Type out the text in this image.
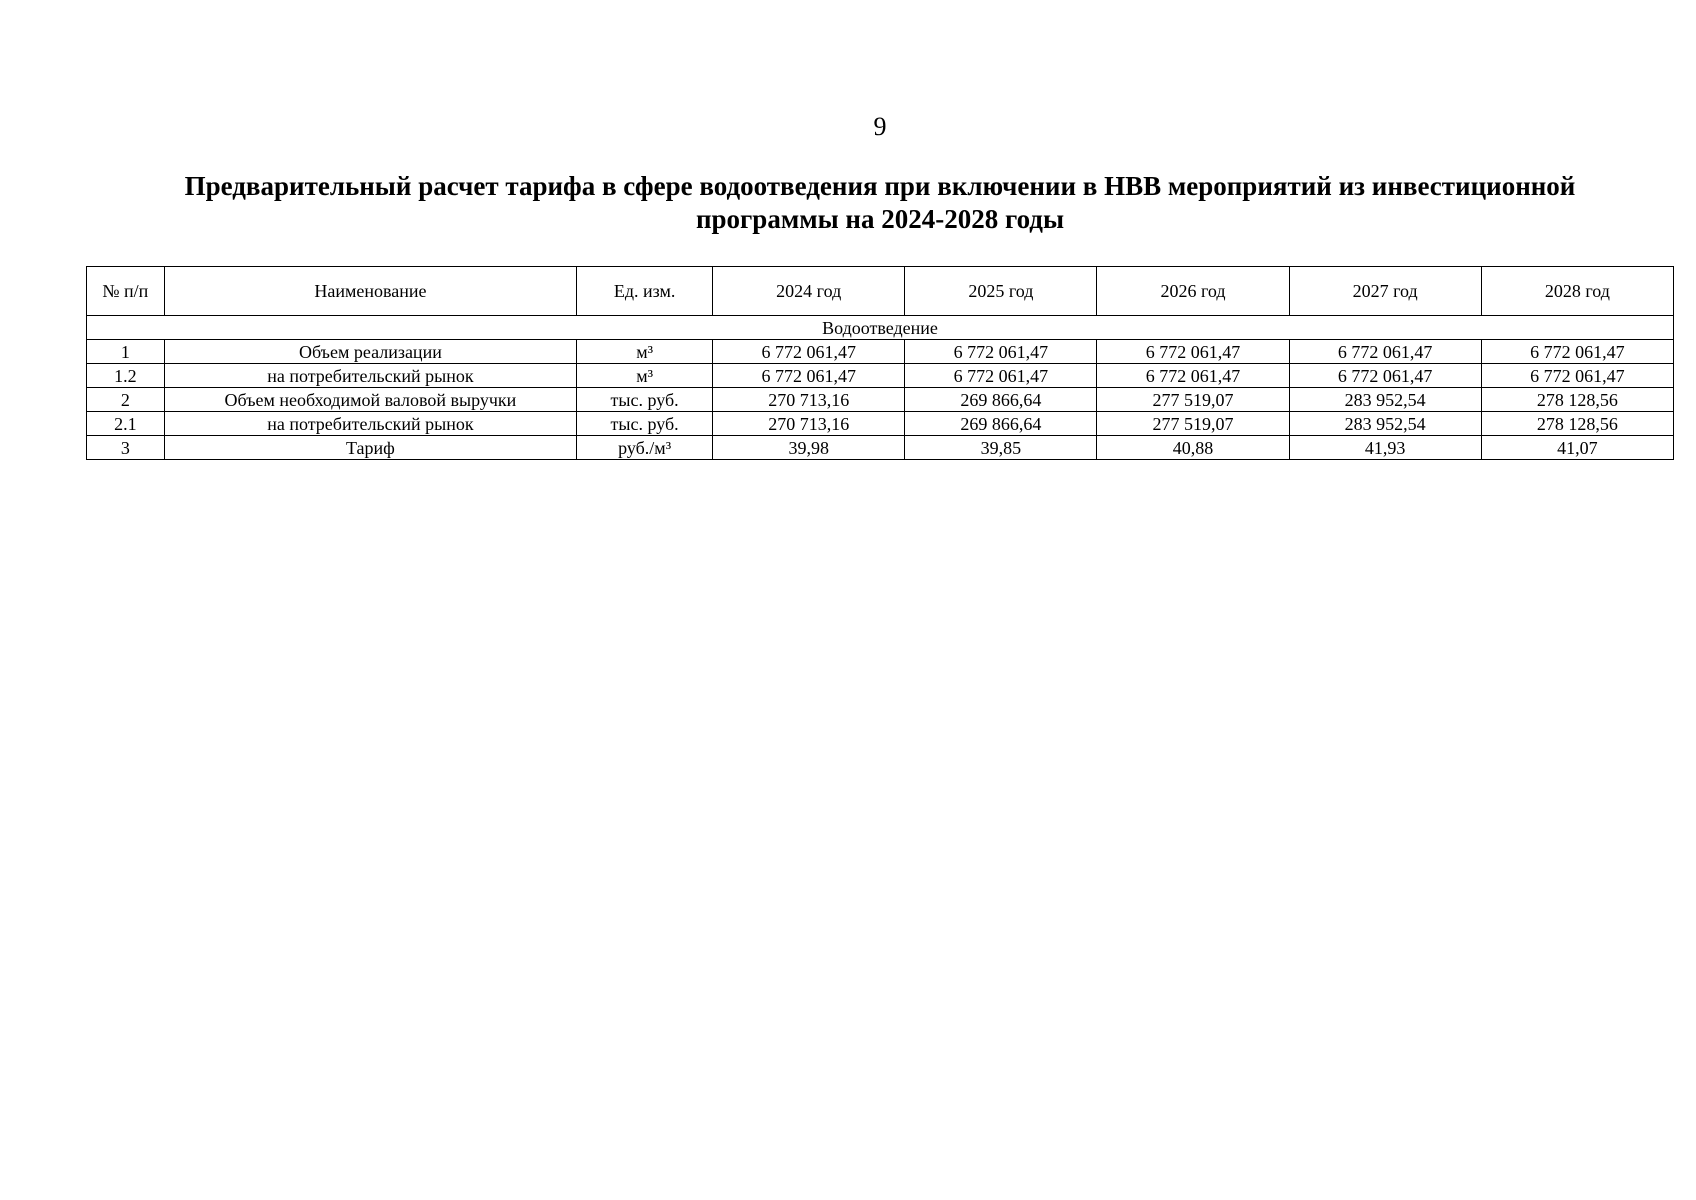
9
Предварительный расчет тарифа в сфере водоотведения при включении в НВВ мероприятий из инвестиционной программы на 2024-2028 годы
№ п/п	Наименование	Ед. изм.	2024 год	2025 год	2026 год	2027 год	2028 год
Водоотведение							
1	Объем реализации	м³	6 772 061,47	6 772 061,47	6 772 061,47	6 772 061,47	6 772 061,47
1.2	на потребительский рынок	м³	6 772 061,47	6 772 061,47	6 772 061,47	6 772 061,47	6 772 061,47
2	Объем необходимой валовой выручки	тыс. руб.	270 713,16	269 866,64	277 519,07	283 952,54	278 128,56
2.1	на потребительский рынок	тыс. руб.	270 713,16	269 866,64	277 519,07	283 952,54	278 128,56
3	Тариф	руб./м³	39,98	39,85	40,88	41,93	41,07
